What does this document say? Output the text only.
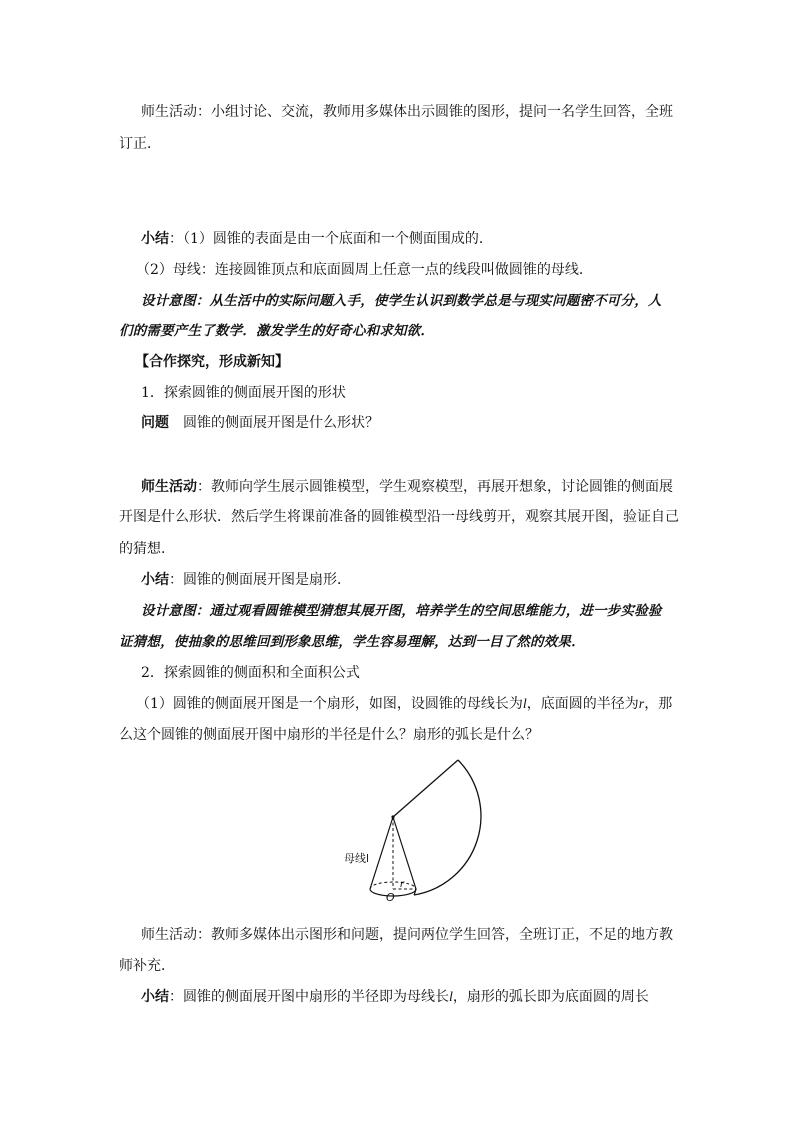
师生活动：小组讨论、交流，教师用多媒体出示圆锥的图形，提问一名学生回答，全班
订正．
小结：（1）圆锥的表面是由一个底面和一个侧面围成的．
（2）母线：连接圆锥顶点和底面圆周上任意一点的线段叫做圆锥的母线．
设计意图：从生活中的实际问题入手，使学生认识到数学总是与现实问题密不可分，人
们的需要产生了数学．激发学生的好奇心和求知欲．
【合作探究，形成新知】
1．探索圆锥的侧面展开图的形状
问题 圆锥的侧面展开图是什么形状？
师生活动：教师向学生展示圆锥模型，学生观察模型，再展开想象，讨论圆锥的侧面展
开图是什么形状．然后学生将课前准备的圆锥模型沿一母线剪开，观察其展开图，验证自己
的猜想．
小结：圆锥的侧面展开图是扇形．
设计意图：通过观看圆锥模型猜想其展开图，培养学生的空间思维能力，进一步实验验
证猜想，使抽象的思维回到形象思维，学生容易理解，达到一目了然的效果．
2．探索圆锥的侧面积和全面积公式
（1）圆锥的侧面展开图是一个扇形，如图，设圆锥的母线长为l，底面圆的半径为r，那
么这个圆锥的侧面展开图中扇形的半径是什么？扇形的弧长是什么？
母线l
O
r
师生活动：教师多媒体出示图形和问题，提问两位学生回答，全班订正，不足的地方教
师补充．
小结：圆锥的侧面展开图中扇形的半径即为母线长l，扇形的弧长即为底面圆的周长
